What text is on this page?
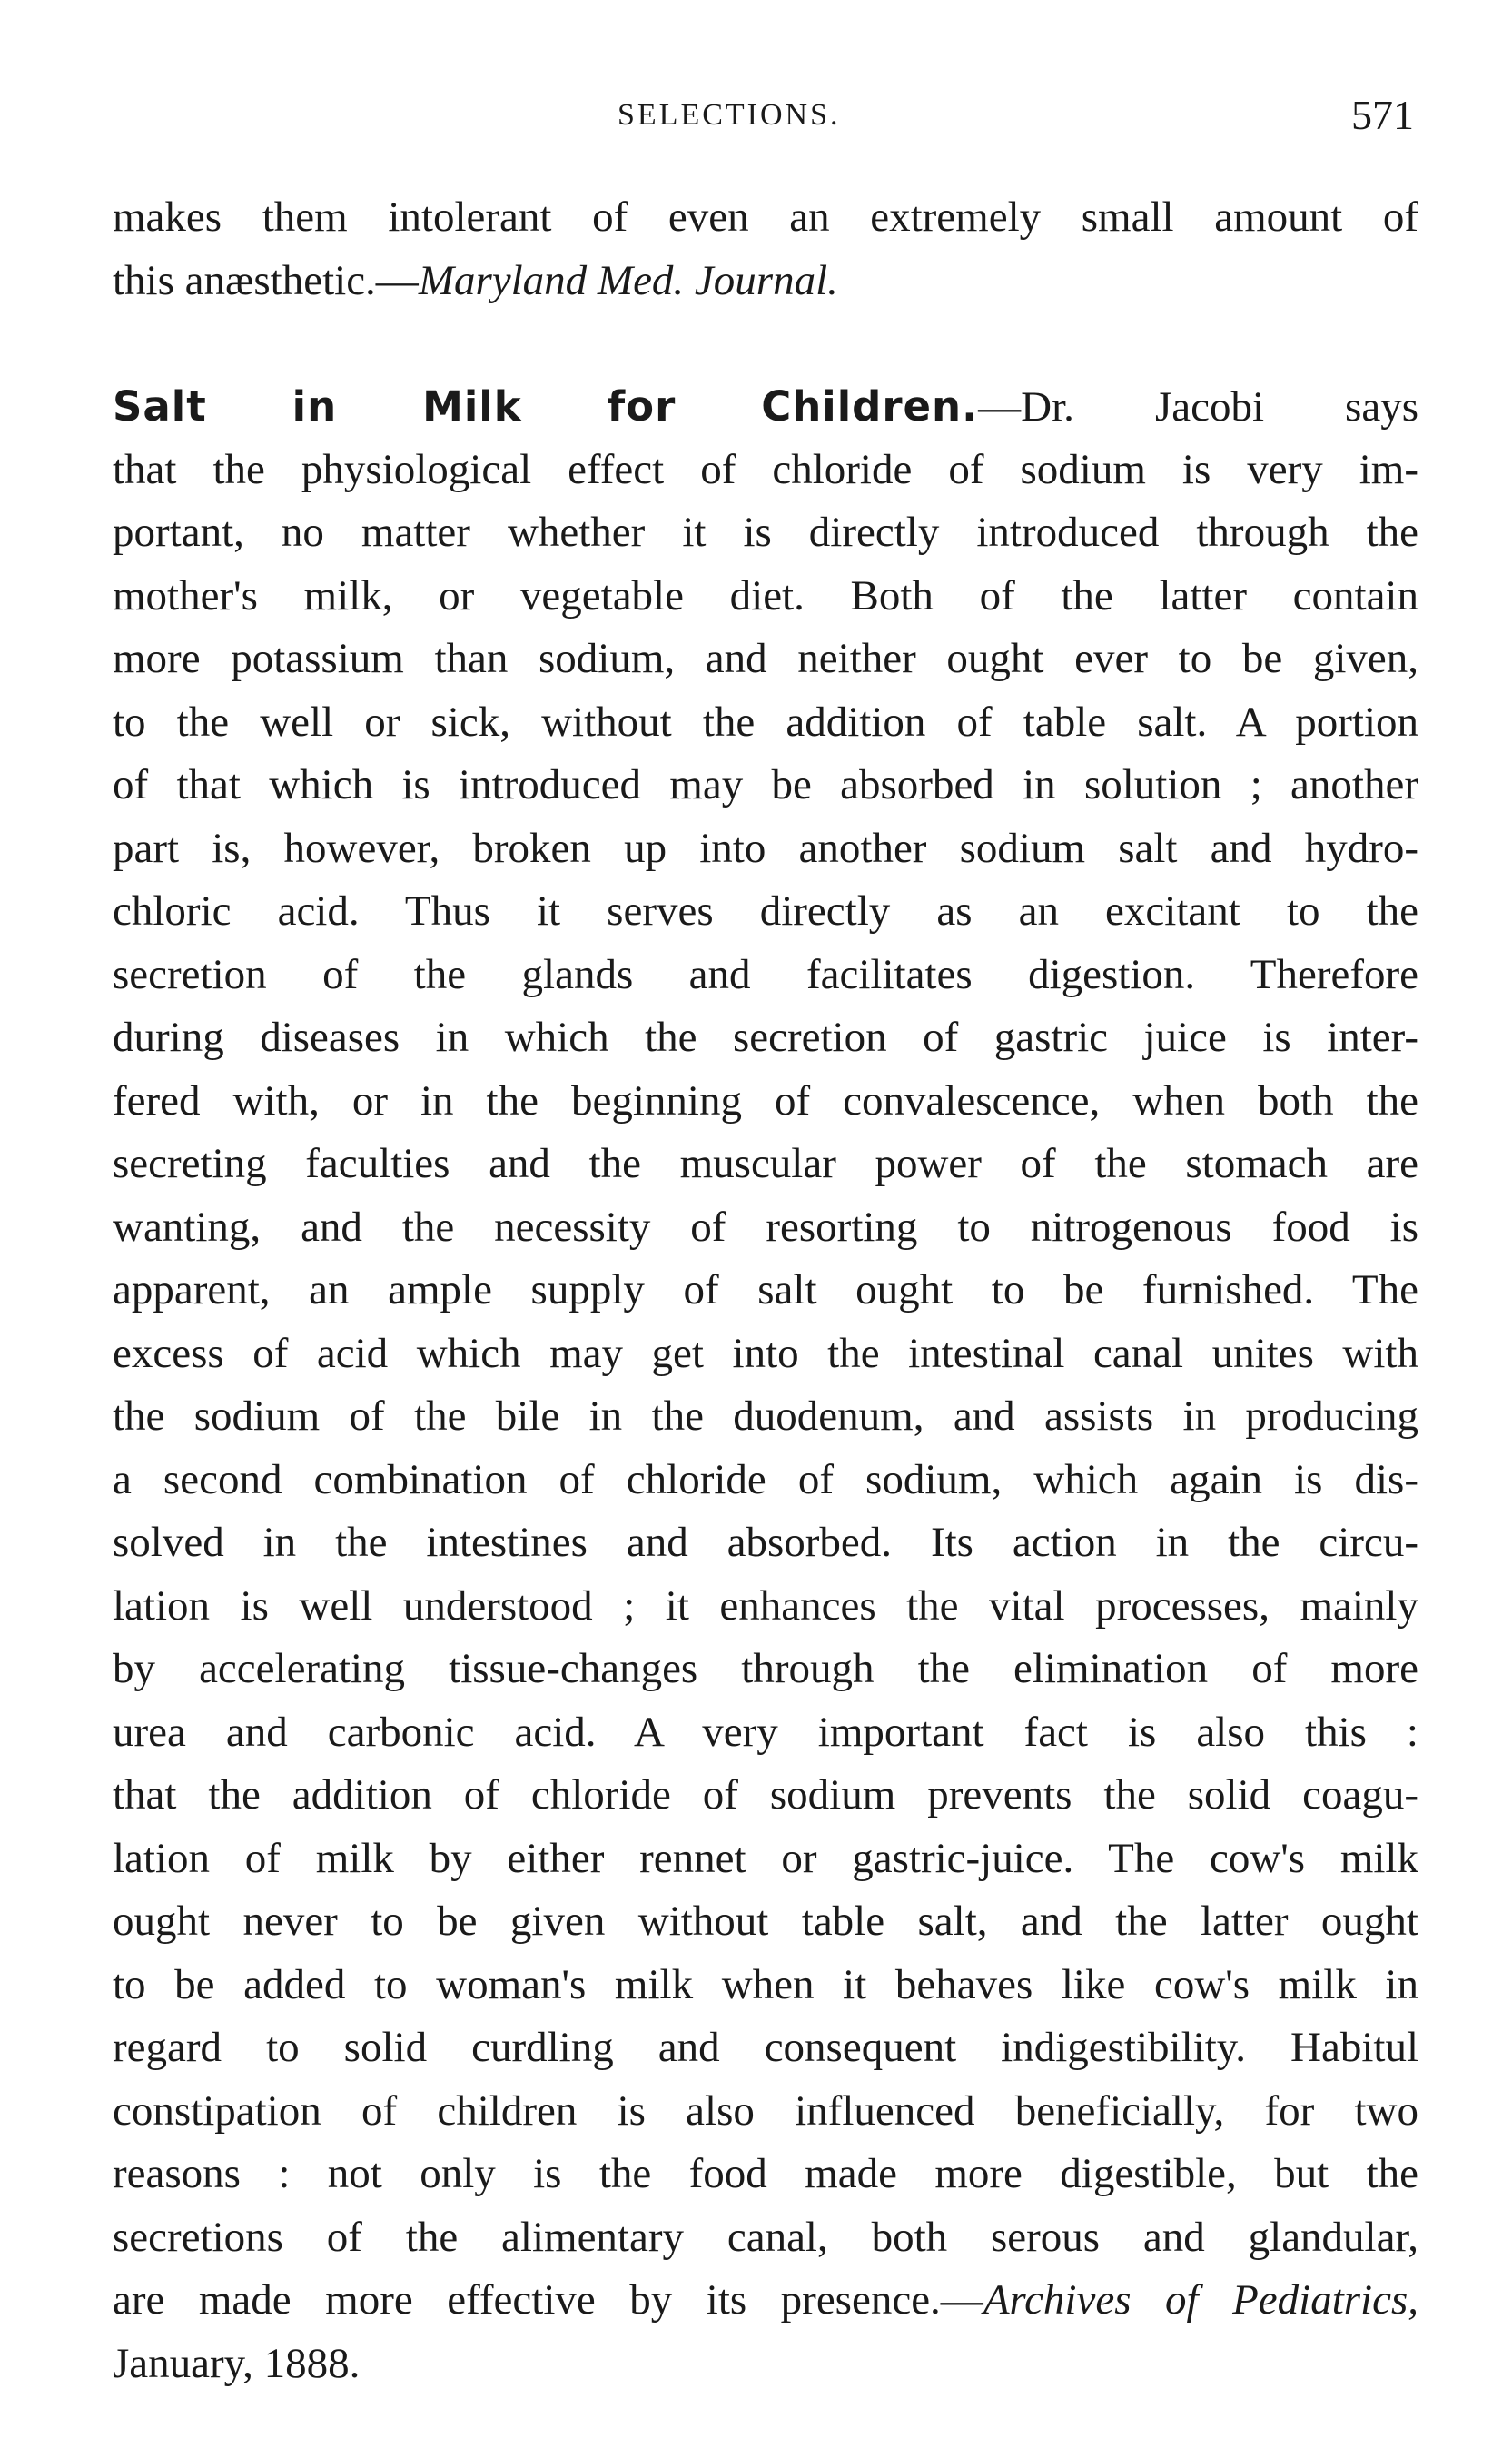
SELECTIONS.	571
makes them intolerant of even an extremely small amount of
this anæsthetic.—Maryland Med. Journal.
Salt in Milk for Children.—Dr. Jacobi says
that the physiological effect of chloride of sodium is very im-
portant, no matter whether it is directly introduced through the
mother's milk, or vegetable diet. Both of the latter contain
more potassium than sodium, and neither ought ever to be given,
to the well or sick, without the addition of table salt. A portion
of that which is introduced may be absorbed in solution ; another
part is, however, broken up into another sodium salt and hydro-
chloric acid. Thus it serves directly as an excitant to the
secretion of the glands and facilitates digestion. Therefore
during diseases in which the secretion of gastric juice is inter-
fered with, or in the beginning of convalescence, when both the
secreting faculties and the muscular power of the stomach are
wanting, and the necessity of resorting to nitrogenous food is
apparent, an ample supply of salt ought to be furnished. The
excess of acid which may get into the intestinal canal unites with
the sodium of the bile in the duodenum, and assists in producing
a second combination of chloride of sodium, which again is dis-
solved in the intestines and absorbed. Its action in the circu-
lation is well understood ; it enhances the vital processes, mainly
by accelerating tissue-changes through the elimination of more
urea and carbonic acid. A very important fact is also this :
that the addition of chloride of sodium prevents the solid coagu-
lation of milk by either rennet or gastric-juice. The cow's milk
ought never to be given without table salt, and the latter ought
to be added to woman's milk when it behaves like cow's milk in
regard to solid curdling and consequent indigestibility. Habitul
constipation of children is also influenced beneficially, for two
reasons : not only is the food made more digestible, but the
secretions of the alimentary canal, both serous and glandular,
are made more effective by its presence.—Archives of Pediatrics,
January, 1888.
